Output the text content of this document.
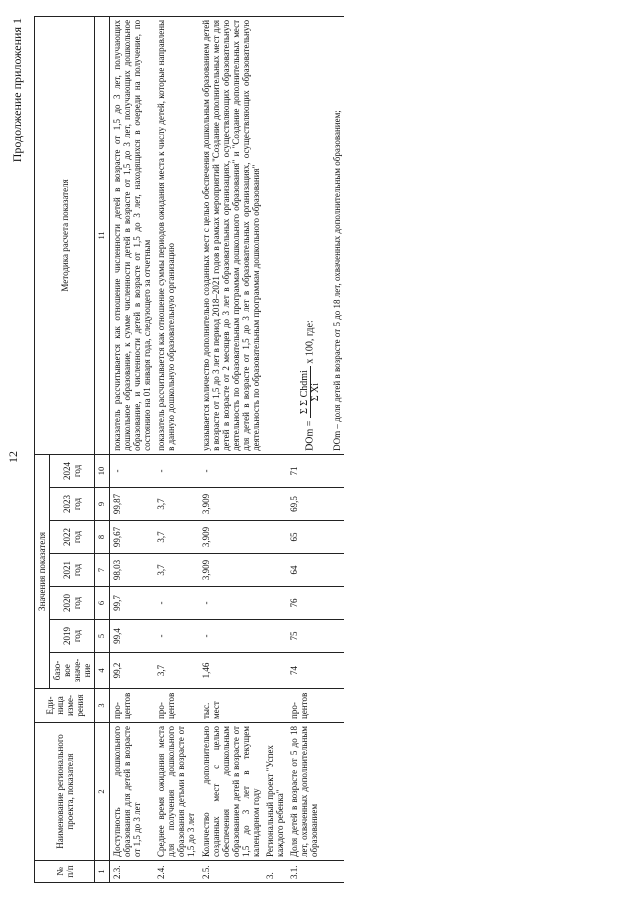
12
Продолжение приложения 1
№ п/п	Наименование регионального проекта, показателя	Еди-ница изме-рения	Значения показателя							Методика расчета показателя
			базо-вое значе-ние	2019 год	2020 год	2021 год	2022 год	2023 год	2024 год	
1	2	3	4	5	6	7	8	9	10	11
2.3.	Доступность дошкольного образования для детей в возрасте от 1,5 до 3 лет	про-центов	99,2	99,4	99,7	98,03	99,67	99,87	-	показатель рассчитывается как отношение численности детей в возрасте от 1,5 до 3 лет, получающих дошкольное образование, к сумме численности детей в возрасте от 1,5 до 3 лет, получающих дошкольное образование, и численности детей в возрасте от 1,5 до 3 лет, находящихся в очереди на получение, по состоянию на 01 января года, следующего за отчетным
2.4.	Среднее время ожидания места для получения дошкольного образования детьми в возрасте от 1,5 до 3 лет	про-центов	3,7	-	-	3,7	3,7	3,7	-	показатель рассчитывается как отношение суммы периодов ожидания места к числу детей, которые направлены в данную дошкольную образовательную организацию
2.5.	Количество дополнительно созданных мест с целью обеспечения дошкольным образованием детей в возрасте от 1,5 до 3 лет в текущем календарном году	тыс. мест	1,46	-	-	3,909	3,909	3,909	-	указывается количество дополнительно созданных мест с целью обеспечения дошкольным образованием детей в возрасте от 1,5 до 3 лет в период 2018–2021 годов в рамках мероприятий "Создание дополнительных мест для детей в возрасте от 2 месяцев до 3 лет в образовательных организациях, осуществляющих образовательную деятельность по образовательным программам дошкольного образования" и "Создание дополнительных мест для детей в возрасте от 1,5 до 3 лет в образовательных организациях, осуществляющих образовательную деятельность по образовательным программам дошкольного образования"
3.	Региональный проект "Успех каждого ребенка"									
3.1.	Доля детей в возрасте от 5 до 18 лет, охваченных дополнительным образованием	про-центов	74	75	76	64	65	69,5	71	DOm = Σ Σ Chdmi
Σ Xi x 100, где: DOm – доля детей в возрасте от 5 до 18 лет, охваченных дополнительным образованием;
